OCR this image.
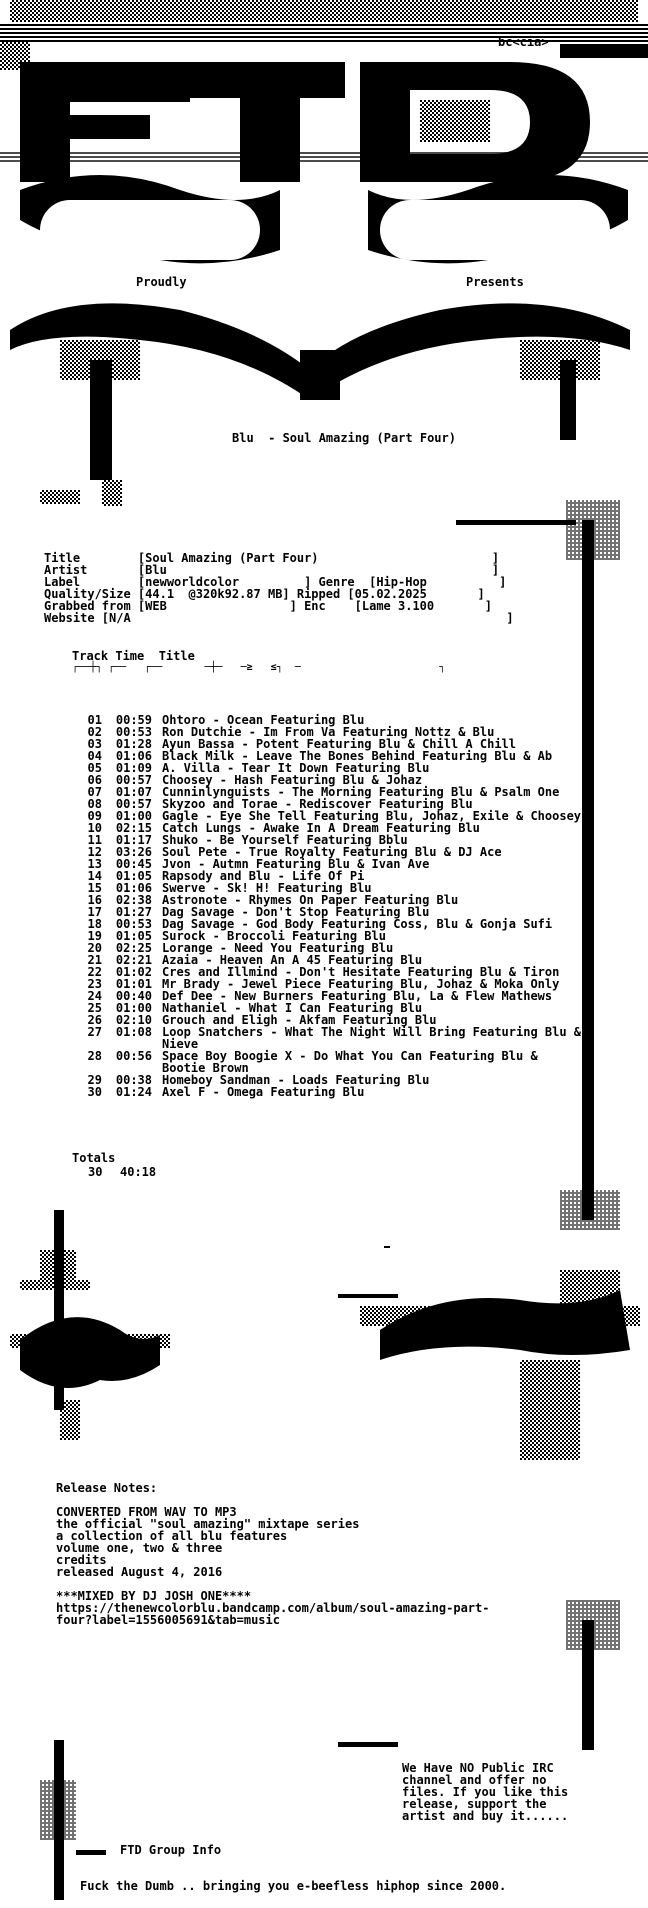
bc<cia>
Proudly	Presents
Blu  - Soul Amazing (Part Four)
Title        [Soul Amazing (Part Four)                        ]
Artist       [Blu                                             ]
Label        [newworldcolor         ] Genre  [Hip-Hop          ]
Quality/Size [44.1  @320k92.87 MB] Ripped [05.02.2025       ]
Grabbed from [WEB                 ] Enc    [Lame 3.100       ]
Website [N/A                                                    ]
Track Time  Title
┌──┼┐ ┌──   ┌──       ─┼─   ─≥   ≤┐  ─                       ┐
01	00:59 Ohtoro - Ocean Featuring Blu
02	00:53 Ron Dutchie - Im From Va Featuring Nottz & Blu
03	01:28 Ayun Bassa - Potent Featuring Blu & Chill A Chill
04	01:06 Black Milk - Leave The Bones Behind Featuring Blu & Ab
05	01:09 A. Villa - Tear It Down Featuring Blu
06	00:57 Choosey - Hash Featuring Blu & Johaz
07	01:07 Cunninlynguists - The Morning Featuring Blu & Psalm One
08	00:57 Skyzoo and Torae - Rediscover Featuring Blu
09	01:00 Gagle - Eye She Tell Featuring Blu, Johaz, Exile & Choosey
10	02:15 Catch Lungs - Awake In A Dream Featuring Blu
11	01:17 Shuko - Be Yourself Featuring Bblu
12	03:26 Soul Pete - True Royalty Featuring Blu & DJ Ace
13	00:45 Jvon - Autmn Featuring Blu & Ivan Ave
14	01:05 Rapsody and Blu - Life Of Pi
15	01:06 Swerve - Sk! H! Featuring Blu
16	02:38 Astronote - Rhymes On Paper Featuring Blu
17	01:27 Dag Savage - Don't Stop Featuring Blu
18	00:53 Dag Savage - God Body Featuring Coss, Blu & Gonja Sufi
19	01:05 Surock - Broccoli Featuring Blu
20	02:25 Lorange - Need You Featuring Blu
21	02:21 Azaia - Heaven An A 45 Featuring Blu
22	01:02 Cres and Illmind - Don't Hesitate Featuring Blu & Tiron
23	01:01 Mr Brady - Jewel Piece Featuring Blu, Johaz & Moka Only
24	00:40 Def Dee - New Burners Featuring Blu, La & Flew Mathews
25	01:00 Nathaniel - What I Can Featuring Blu
26	02:10 Grouch and Eligh - Akfam Featuring Blu
27	01:08 Loop Snatchers - What The Night Will Bring Featuring Blu & Nieve
28	00:56 Space Boy Boogie X - Do What You Can Featuring Blu & Bootie Brown
29	00:38 Homeboy Sandman - Loads Featuring Blu
30	01:24 Axel F - Omega Featuring Blu
Totals
30 40:18
Release Notes:
CONVERTED FROM WAV TO MP3
the official "soul amazing" mixtape series
a collection of all blu features
volume one, two & three
credits
released August 4, 2016
***MIXED BY DJ JOSH ONE****
https://thenewcolorblu.bandcamp.com/album/soul-amazing-part-
four?label=1556005691&tab=music
We Have NO Public IRC
channel and offer no
files. If you like this
release, support the
artist and buy it......
FTD Group Info
Fuck the Dumb .. bringing you e-beefless hiphop since 2000.
